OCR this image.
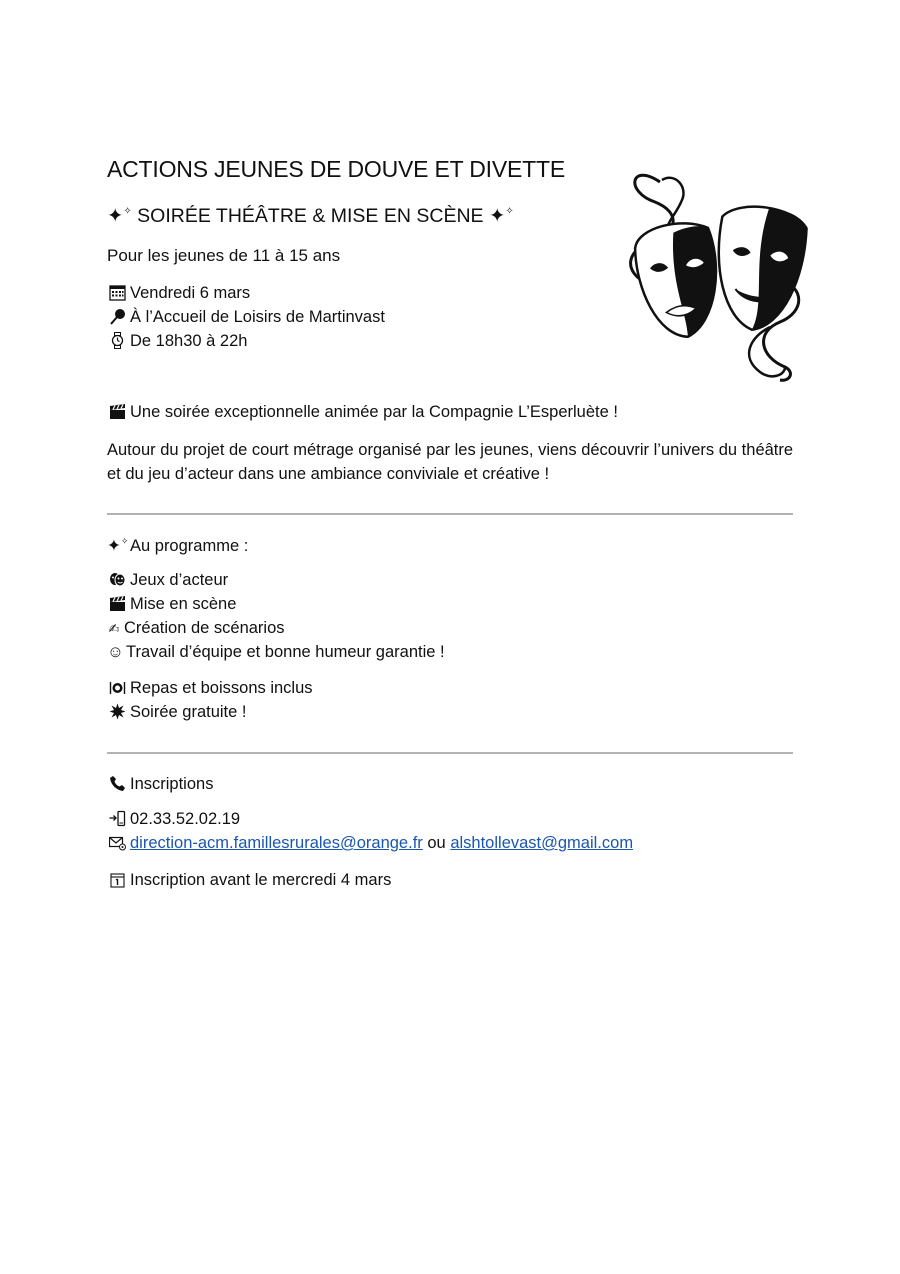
ACTIONS JEUNES DE DOUVE ET DIVETTE
✦✧ SOIRÉE THÉÂTRE & MISE EN SCÈNE ✦✧
Pour les jeunes de 11 à 15 ans
Vendredi 6 mars
À l’Accueil de Loisirs de Martinvast
De 18h30 à 22h
Une soirée exceptionnelle animée par la Compagnie L’Esperluète !
Autour du projet de court métrage organisé par les jeunes, viens découvrir l’univers du théâtre et du jeu d’acteur dans une ambiance conviviale et créative !
✦✧Au programme :
Jeux d’acteur
Mise en scène
✍ Création de scénarios
☺ Travail d’équipe et bonne humeur garantie !
Repas et boissons inclus
Soirée gratuite !
Inscriptions
02.33.52.02.19
direction-acm.famillesrurales@orange.fr ou alshtollevast@gmail.com
Inscription avant le mercredi 4 mars
